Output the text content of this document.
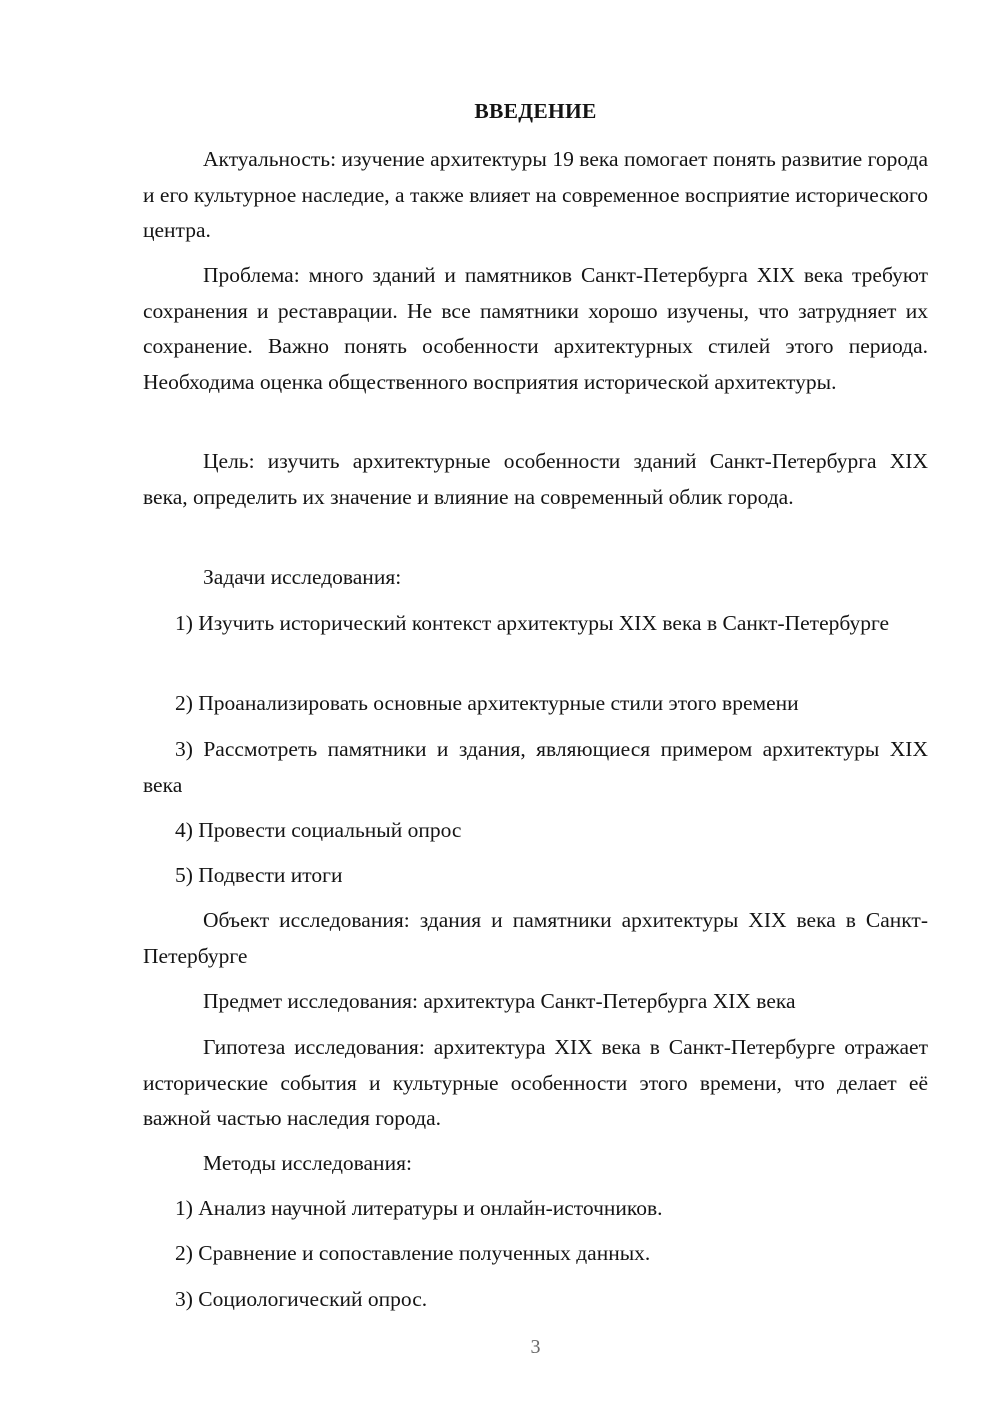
ВВЕДЕНИЕ

Актуальность: изучение архитектуры 19 века помогает понять развитие города и его культурное наследие, а также влияет на современное восприятие исторического центра.

Проблема: много зданий и памятников Санкт-Петербурга XIX века требуют сохранения и реставрации. Не все памятники хорошо изучены, что затрудняет их сохранение. Важно понять особенности архитектурных стилей этого периода. Необходима оценка общественного восприятия исторической архитектуры.

Цель: изучить архитектурные особенности зданий Санкт-Петербурга XIX века, определить их значение и влияние на современный облик города.

Задачи исследования:

1) Изучить исторический контекст архитектуры XIX века в Санкт-Петербурге

2) Проанализировать основные архитектурные стили этого времени

3) Рассмотреть памятники и здания, являющиеся примером архитектуры XIX века

4) Провести социальный опрос

5) Подвести итоги

Объект исследования: здания и памятники архитектуры XIX века в Санкт-Петербурге

Предмет исследования: архитектура Санкт-Петербурга XIX века

Гипотеза исследования: архитектура XIX века в Санкт-Петербурге отражает исторические события и культурные особенности этого времени, что делает её важной частью наследия города.

Методы исследования:

1) Анализ научной литературы и онлайн-источников.

2) Сравнение и сопоставление полученных данных.

3) Социологический опрос.

3
